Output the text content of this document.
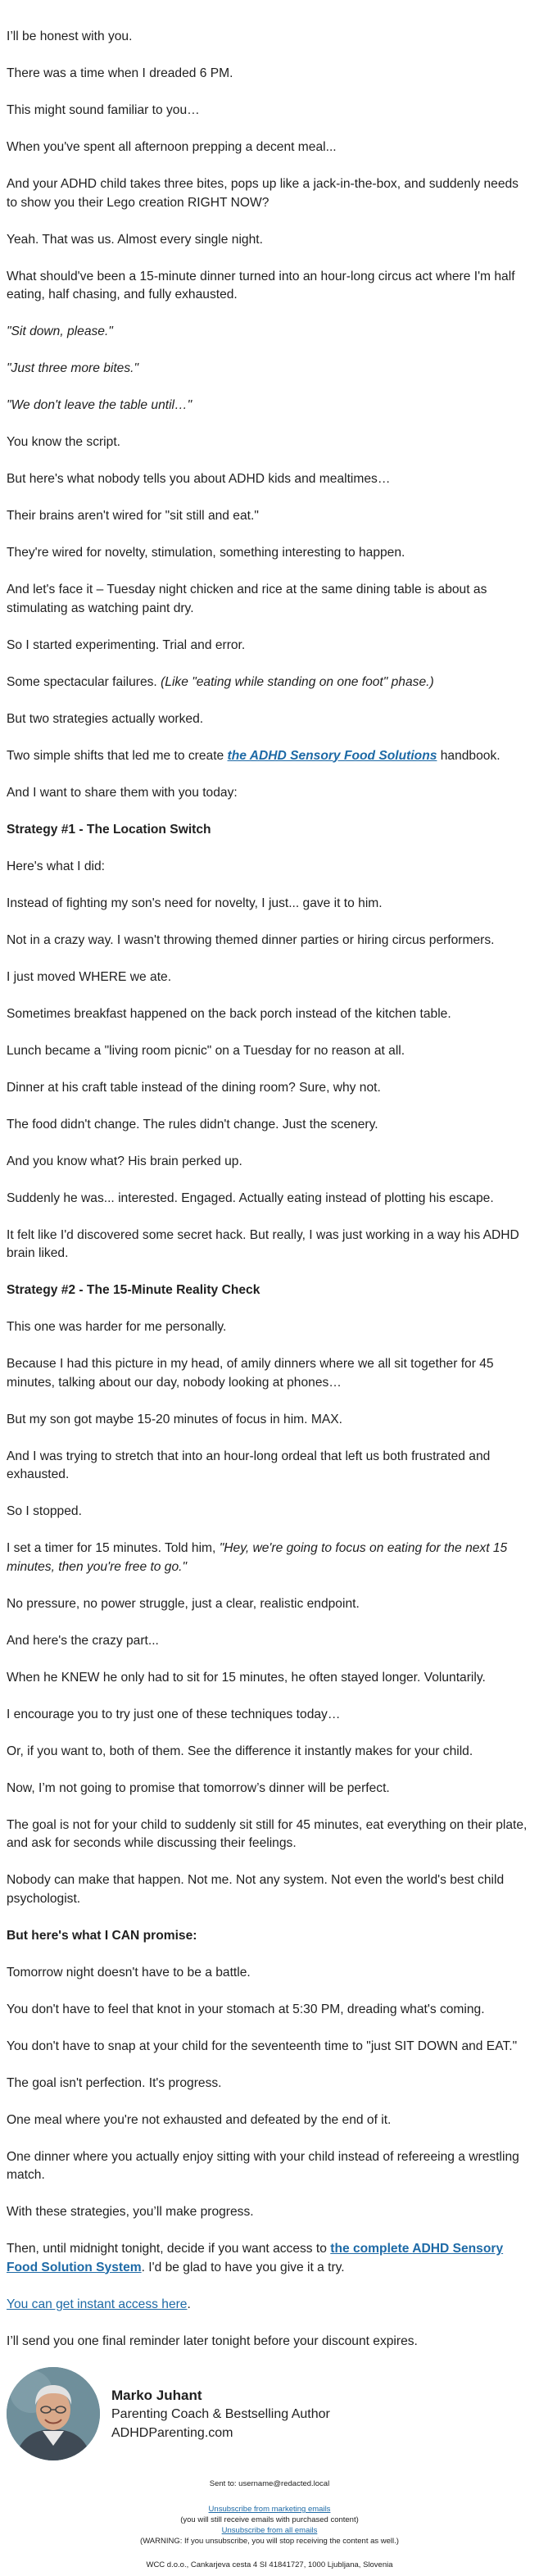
I’ll be honest with you.

There was a time when I dreaded 6 PM.

This might sound familiar to you…

When you've spent all afternoon prepping a decent meal...

And your ADHD child takes three bites, pops up like a jack-in-the-box, and suddenly needs to show you their Lego creation RIGHT NOW?

Yeah. That was us. Almost every single night.

What should've been a 15-minute dinner turned into an hour-long circus act where I'm half eating, half chasing, and fully exhausted.

"Sit down, please."

"Just three more bites."

"We don't leave the table until…"

You know the script.

But here's what nobody tells you about ADHD kids and mealtimes…

Their brains aren't wired for "sit still and eat."

They're wired for novelty, stimulation, something interesting to happen.

And let's face it – Tuesday night chicken and rice at the same dining table is about as stimulating as watching paint dry.

So I started experimenting. Trial and error.

Some spectacular failures. (Like "eating while standing on one foot" phase.)

But two strategies actually worked.

Two simple shifts that led me to create the ADHD Sensory Food Solutions handbook.

And I want to share them with you today:

Strategy #1 - The Location Switch

Here's what I did:

Instead of fighting my son's need for novelty, I just... gave it to him.

Not in a crazy way. I wasn't throwing themed dinner parties or hiring circus performers.

I just moved WHERE we ate.

Sometimes breakfast happened on the back porch instead of the kitchen table.

Lunch became a "living room picnic" on a Tuesday for no reason at all.

Dinner at his craft table instead of the dining room? Sure, why not.

The food didn't change. The rules didn't change. Just the scenery.

And you know what? His brain perked up.

Suddenly he was... interested. Engaged. Actually eating instead of plotting his escape.

It felt like I'd discovered some secret hack. But really, I was just working in a way his ADHD brain liked.

Strategy #2 - The 15-Minute Reality Check

This one was harder for me personally.

Because I had this picture in my head, of amily dinners where we all sit together for 45 minutes, talking about our day, nobody looking at phones…

But my son got maybe 15-20 minutes of focus in him. MAX.

And I was trying to stretch that into an hour-long ordeal that left us both frustrated and exhausted.

So I stopped.

I set a timer for 15 minutes. Told him, "Hey, we're going to focus on eating for the next 15 minutes, then you're free to go."

No pressure, no power struggle, just a clear, realistic endpoint.

And here's the crazy part...

When he KNEW he only had to sit for 15 minutes, he often stayed longer. Voluntarily.

I encourage you to try just one of these techniques today…

Or, if you want to, both of them. See the difference it instantly makes for your child.

Now, I’m not going to promise that tomorrow’s dinner will be perfect.

The goal is not for your child to suddenly sit still for 45 minutes, eat everything on their plate, and ask for seconds while discussing their feelings.

Nobody can make that happen. Not me. Not any system. Not even the world's best child psychologist.

But here's what I CAN promise:

Tomorrow night doesn't have to be a battle.

You don't have to feel that knot in your stomach at 5:30 PM, dreading what's coming.

You don't have to snap at your child for the seventeenth time to "just SIT DOWN and EAT."

The goal isn't perfection. It's progress.

One meal where you're not exhausted and defeated by the end of it.

One dinner where you actually enjoy sitting with your child instead of refereeing a wrestling match.

With these strategies, you’ll make progress.

Then, until midnight tonight, decide if you want access to the complete ADHD Sensory Food Solution System. I'd be glad to have you give it a try.

You can get instant access here.

I’ll send you one final reminder later tonight before your discount expires.

Marko Juhant
Parenting Coach & Bestselling Author
ADHDParenting.com
Sent to: username@redacted.local
Unsubscribe from marketing emails
(you will still receive emails with purchased content)
Unsubscribe from all emails
(WARNING: If you unsubscribe, you will stop receiving the content as well.)
WCC d.o.o., Cankarjeva cesta 4 SI 41841727, 1000 Ljubljana, Slovenia
